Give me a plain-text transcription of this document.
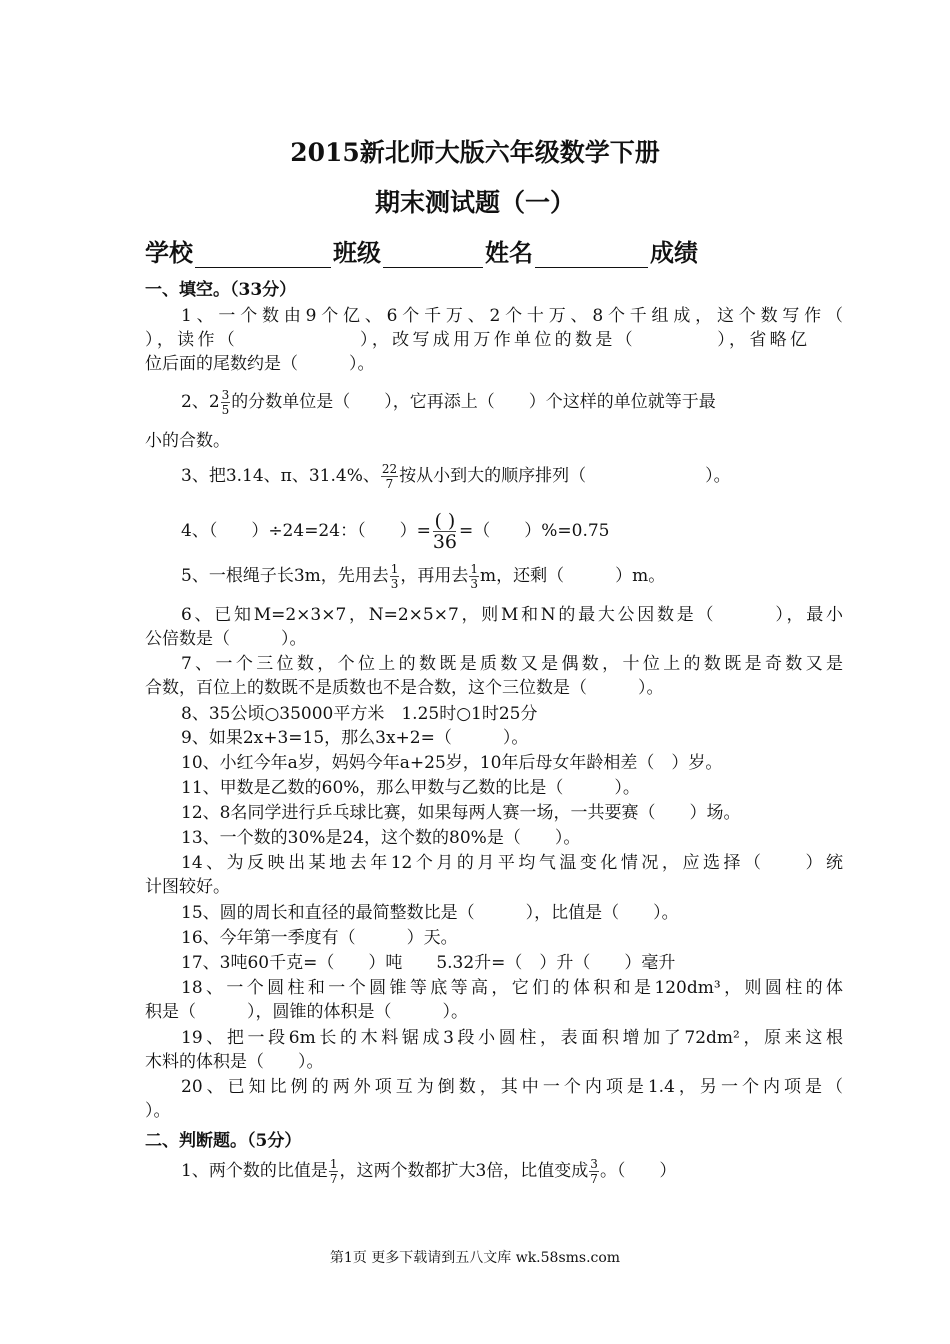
2015新北师大版六年级数学下册
期末测试题（一）
学校	班级	姓名	成绩
一、填空。（33分）
1、一个数由9个亿、6个千万、2个十万、8个千组成，这个数写作（
），读作（　　　　　　），改写成用万作单位的数是（　　　　），省略亿
位后面的尾数约是（　　　）。
2、$2 \frac{3}{5}$ 的分数单位是（　　），它再添上（　　）个这样的单位就等于最
小的合数。
3、把3.14、π、31.4%、 $\frac{22}{7}$ 按从小到大的顺序排列（　　　　　　　）。
4、（　　）÷24=24：（　　）= $\frac{( )}{36}$ =（　　）%=0.75
5、一根绳子长3m，先用去 $\frac{1}{3}$ ，再用去 $\frac{1}{3}$ m，还剩（　　　）m。
6、已知M=2×3×7，N=2×5×7，则M和N的最大公因数是（　　　），最小
公倍数是（　　　）。
7、一个三位数，个位上的数既是质数又是偶数，十位上的数既是奇数又是
合数，百位上的数既不是质数也不是合数，这个三位数是（　　　）。
8、35公顷○35000平方米　1.25时○1时25分
9、如果2x+3=15，那么3x+2=（　　　）。
10、小红今年a岁，妈妈今年a+25岁，10年后母女年龄相差（　）岁。
11、甲数是乙数的60%，那么甲数与乙数的比是（　　　）。
12、8名同学进行乒乓球比赛，如果每两人赛一场，一共要赛（　　）场。
13、一个数的30%是24，这个数的80%是（　　）。
14、为反映出某地去年12个月的月平均气温变化情况，应选择（　　）统
计图较好。
15、圆的周长和直径的最简整数比是（　　　），比值是（　　）。
16、今年第一季度有（　　　）天。
17、3吨60千克=（　　）吨　　5.32升=（　）升（　　）毫升
18、一个圆柱和一个圆锥等底等高，它们的体积和是120dm³，则圆柱的体
积是（　　　），圆锥的体积是（　　　）。
19、把一段6m长的木料锯成3段小圆柱，表面积增加了72dm²，原来这根
木料的体积是（　　）。
20、已知比例的两外项互为倒数，其中一个内项是1.4，另一个内项是（
）。
二、判断题。（5分）
1、两个数的比值是 $\frac{1}{7}$ ，这两个数都扩大3倍，比值变成 $\frac{3}{7}$ 。（　　）
第1页 更多下载请到五八文库 wk.58sms.com
